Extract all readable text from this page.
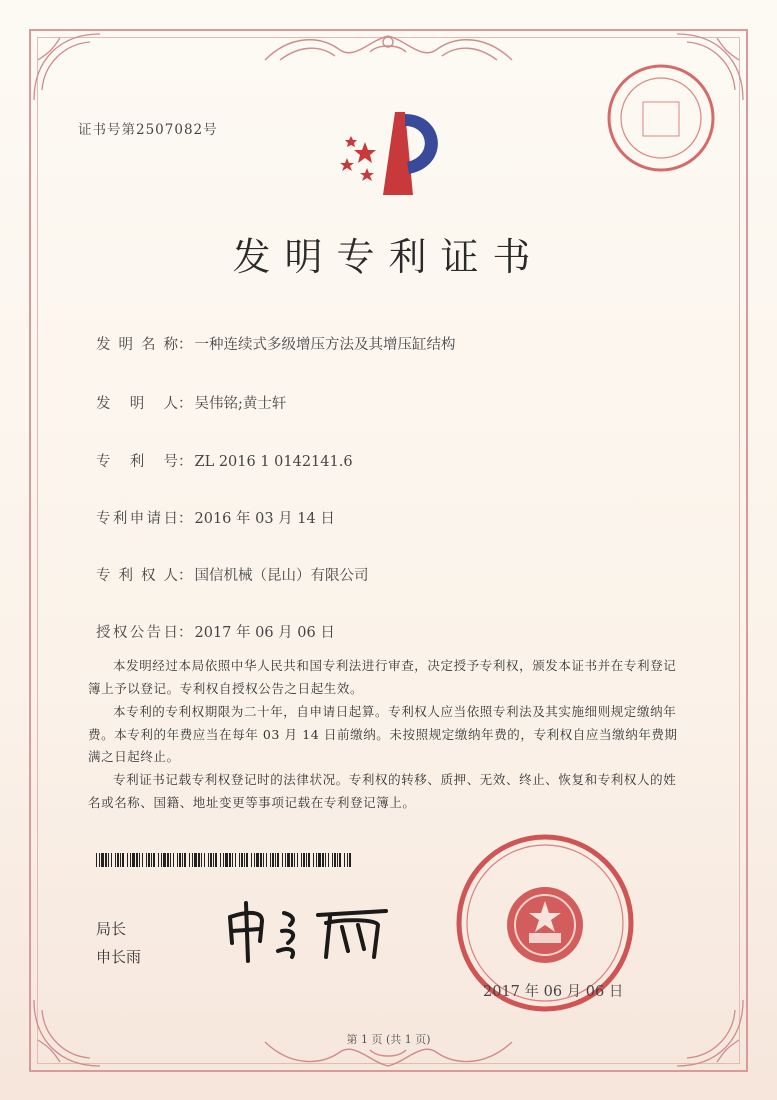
证书号第2507082号
发明专利证书
发明名称： 一种连续式多级增压方法及其增压缸结构
发明人： 吴伟铭;黄士轩
专利号： ZL 2016 1 0142141.6
专利申请日： 2016 年 03 月 14 日
专利权人： 国信机械（昆山）有限公司
授权公告日： 2017 年 06 月 06 日

本发明经过本局依照中华人民共和国专利法进行审查，决定授予专利权，颁发本证书并在专利登记簿上予以登记。专利权自授权公告之日起生效。

本专利的专利权期限为二十年，自申请日起算。专利权人应当依照专利法及其实施细则规定缴纳年费。本专利的年费应当在每年 03 月 14 日前缴纳。未按照规定缴纳年费的，专利权自应当缴纳年费期满之日起终止。

专利证书记载专利权登记时的法律状况。专利权的转移、质押、无效、终止、恢复和专利权人的姓名或名称、国籍、地址变更等事项记载在专利登记簿上。

局长
申长雨
2017 年 06 月 06 日
第 1 页 (共 1 页)
